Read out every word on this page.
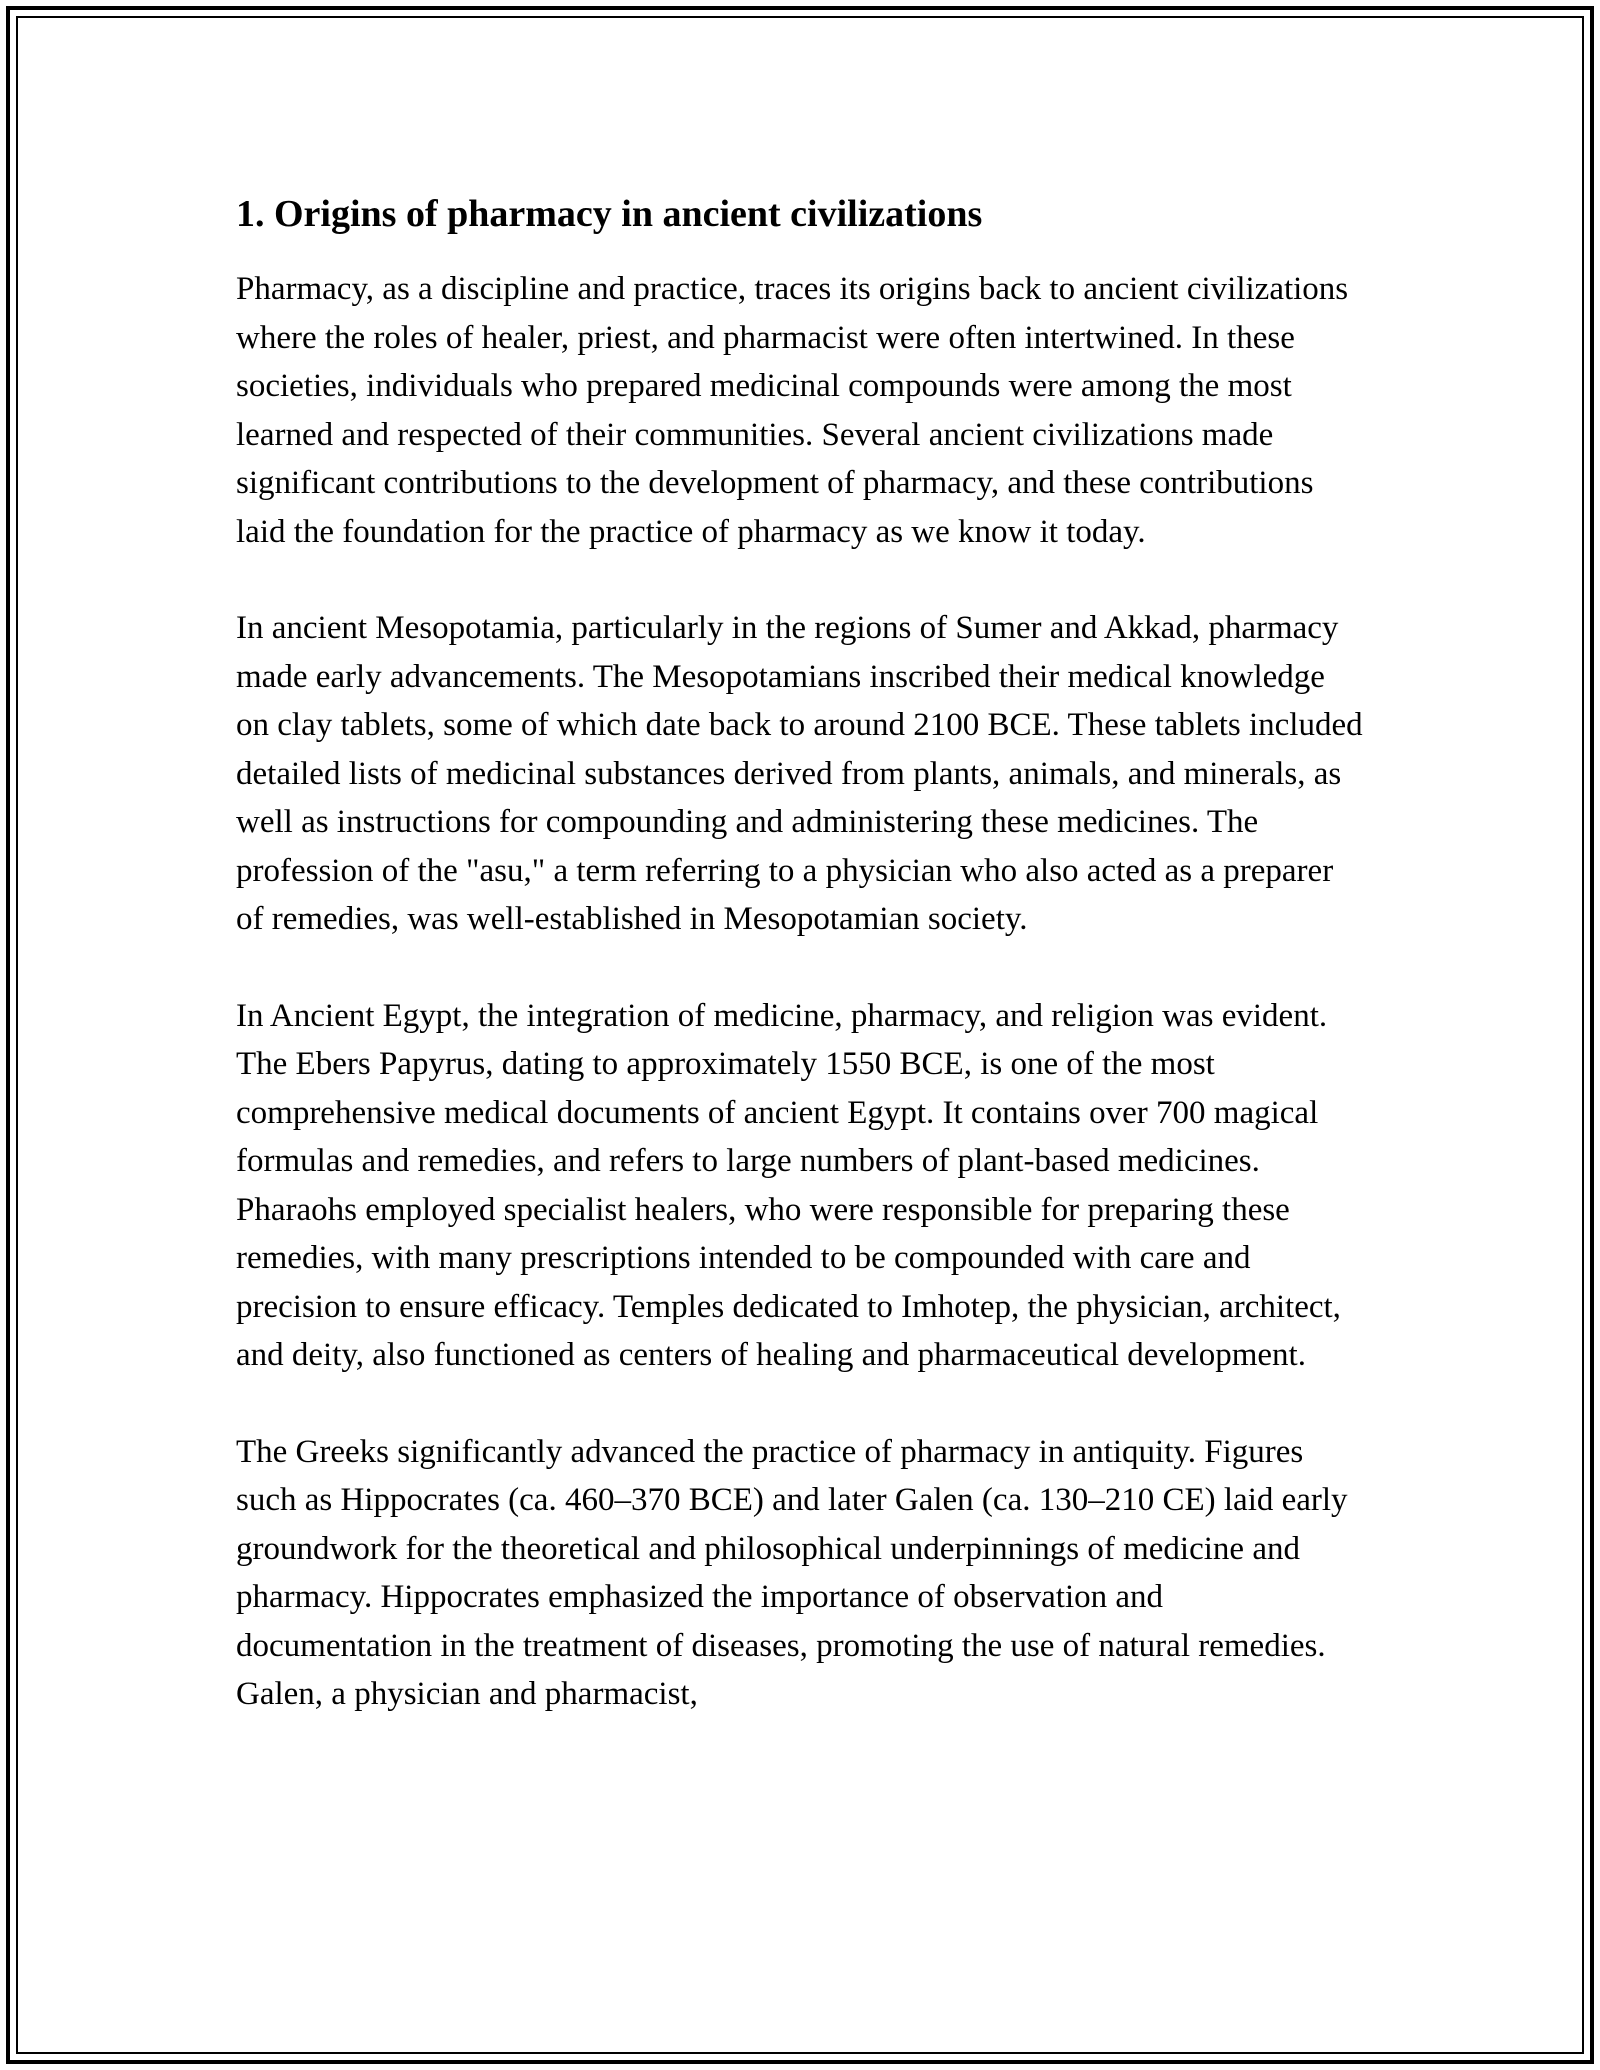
1. Origins of pharmacy in ancient civilizations

Pharmacy, as a discipline and practice, traces its origins back to ancient civilizations where the roles of healer, priest, and pharmacist were often intertwined. In these societies, individuals who prepared medicinal compounds were among the most learned and respected of their communities. Several ancient civilizations made significant contributions to the development of pharmacy, and these contributions laid the foundation for the practice of pharmacy as we know it today.

In ancient Mesopotamia, particularly in the regions of Sumer and Akkad, pharmacy made early advancements. The Mesopotamians inscribed their medical knowledge on clay tablets, some of which date back to around 2100 BCE. These tablets included detailed lists of medicinal substances derived from plants, animals, and minerals, as well as instructions for compounding and administering these medicines. The profession of the "asu," a term referring to a physician who also acted as a preparer of remedies, was well-established in Mesopotamian society.

In Ancient Egypt, the integration of medicine, pharmacy, and religion was evident. The Ebers Papyrus, dating to approximately 1550 BCE, is one of the most comprehensive medical documents of ancient Egypt. It contains over 700 magical formulas and remedies, and refers to large numbers of plant-based medicines. Pharaohs employed specialist healers, who were responsible for preparing these remedies, with many prescriptions intended to be compounded with care and precision to ensure efficacy. Temples dedicated to Imhotep, the physician, architect, and deity, also functioned as centers of healing and pharmaceutical development.

The Greeks significantly advanced the practice of pharmacy in antiquity. Figures such as Hippocrates (ca. 460–370 BCE) and later Galen (ca. 130–210 CE) laid early groundwork for the theoretical and philosophical underpinnings of medicine and pharmacy. Hippocrates emphasized the importance of observation and documentation in the treatment of diseases, promoting the use of natural remedies. Galen, a physician and pharmacist,
